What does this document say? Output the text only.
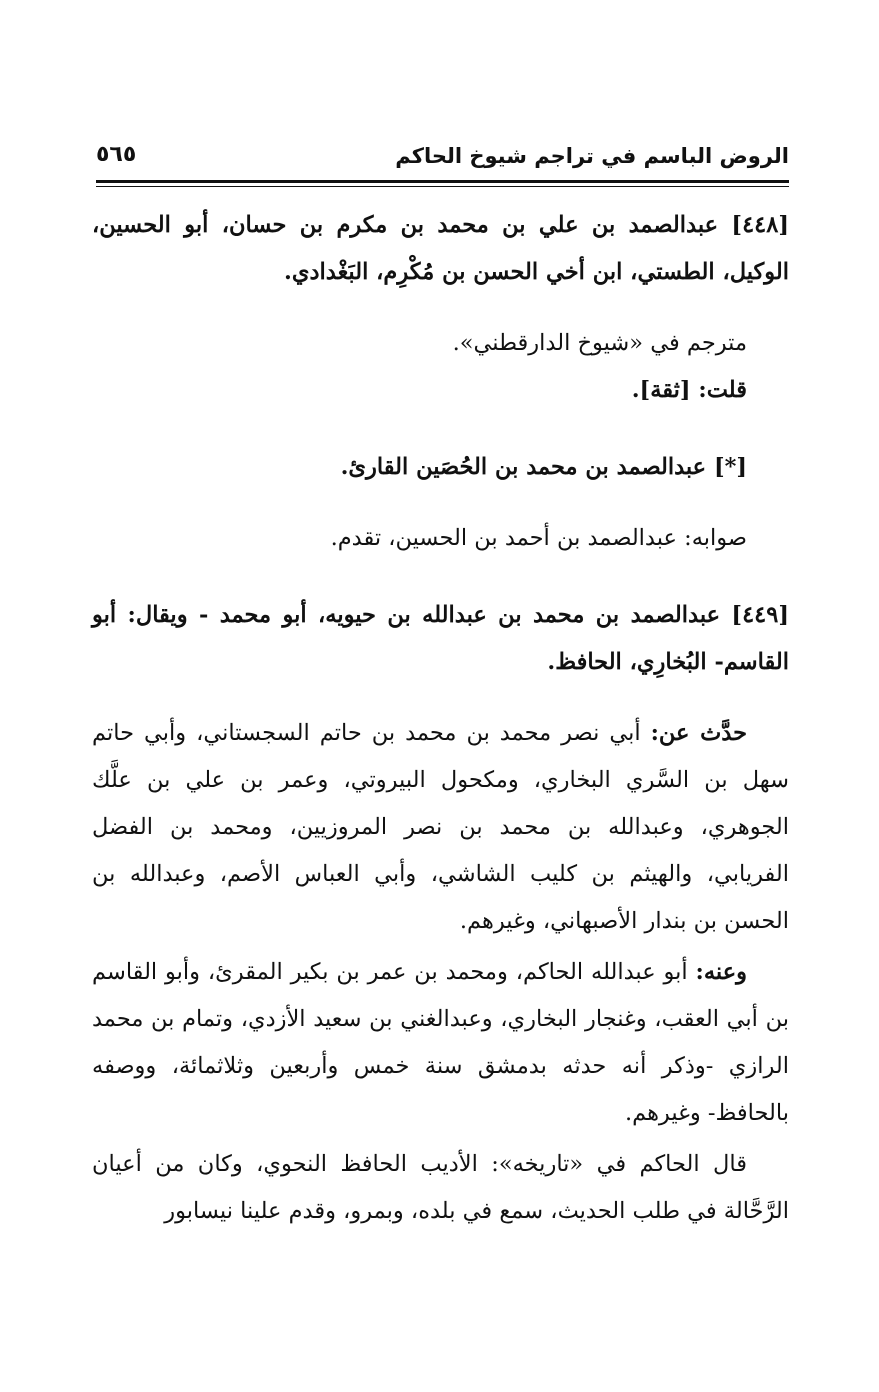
الروض الباسم في تراجم شيوخ الحاكم
٥٦٥

[٤٤٨] عبدالصمد بن علي بن محمد بن مكرم بن حسان، أبو الحسين، الوكيل، الطستي، ابن أخي الحسن بن مُكْرِم، البَغْدادي.

مترجم في «شيوخ الدارقطني».

قلت: [ثقة].

[*] عبدالصمد بن محمد بن الحُصَين القارئ.

صوابه: عبدالصمد بن أحمد بن الحسين، تقدم.

[٤٤٩] عبدالصمد بن محمد بن عبدالله بن حيويه، أبو محمد - ويقال: أبو القاسم- البُخارِي، الحافظ.

حدَّث عن: أبي نصر محمد بن محمد بن حاتم السجستاني، وأبي حاتم سهل بن السَّري البخاري، ومكحول البيروتي، وعمر بن علي بن علَّك الجوهري، وعبدالله بن محمد بن نصر المروزيين، ومحمد بن الفضل الفريابي، والهيثم بن كليب الشاشي، وأبي العباس الأصم، وعبدالله بن الحسن بن بندار الأصبهاني، وغيرهم.

وعنه: أبو عبدالله الحاكم، ومحمد بن عمر بن بكير المقرئ، وأبو القاسم بن أبي العقب، وغنجار البخاري، وعبدالغني بن سعيد الأزدي، وتمام بن محمد الرازي -وذكر أنه حدثه بدمشق سنة خمس وأربعين وثلاثمائة، ووصفه بالحافظ- وغيرهم.

قال الحاكم في «تاريخه»: الأديب الحافظ النحوي، وكان من أعيان الرَّحَّالة في طلب الحديث، سمع في بلده، وبمرو، وقدم علينا نيسابور
